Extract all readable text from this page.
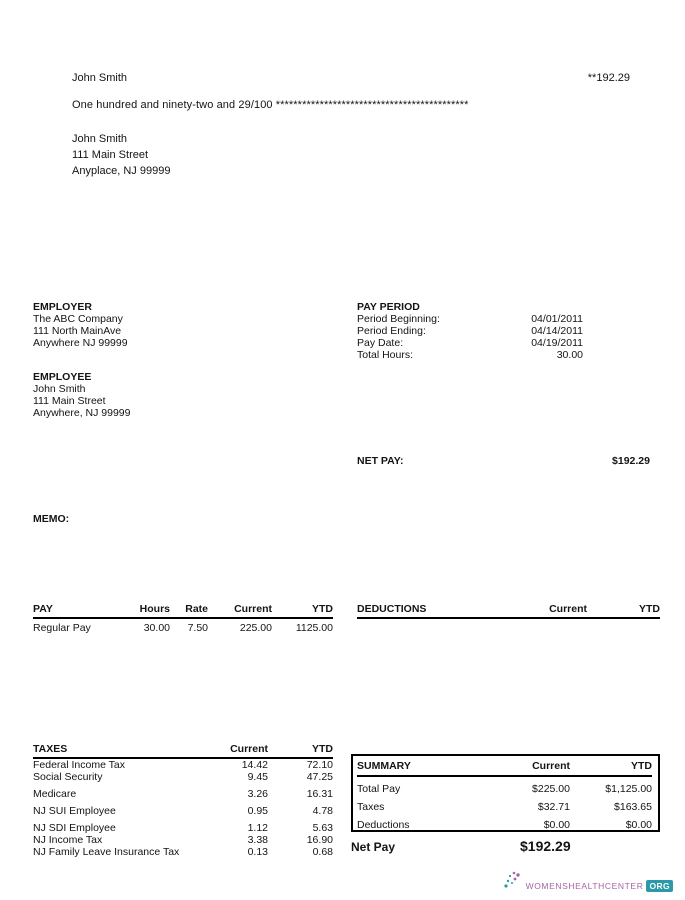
John Smith	**192.29
One hundred and ninety-two and 29/100 ********************************************
John Smith
111 Main Street
Anyplace, NJ 99999
EMPLOYER
The ABC Company
111 North MainAve
Anywhere NJ 99999
PAY PERIOD
Period Beginning:	04/01/2011
Period Ending:	04/14/2011
Pay Date:	04/19/2011
Total Hours:	30.00
EMPLOYEE
John Smith
111 Main Street
Anywhere, NJ 99999
NET PAY:	$192.29
MEMO:
PAY	Hours	Rate	Current	YTD
Regular Pay	30.00	7.50	225.00	1125.00
DEDUCTIONS	Current	YTD
TAXES	Current	YTD
Federal Income Tax	14.42	72.10
Social Security	9.45	47.25
Medicare	3.26	16.31
NJ SUI Employee	0.95	4.78
NJ SDI Employee	1.12	5.63
NJ Income Tax	3.38	16.90
NJ Family Leave Insurance Tax	0.13	0.68
SUMMARY	Current	YTD
Total Pay	$225.00	$1,125.00
Taxes	$32.71	$163.65
Deductions	$0.00	$0.00
Net Pay	$192.29
WOMENSHEALTHCENTER ORG
